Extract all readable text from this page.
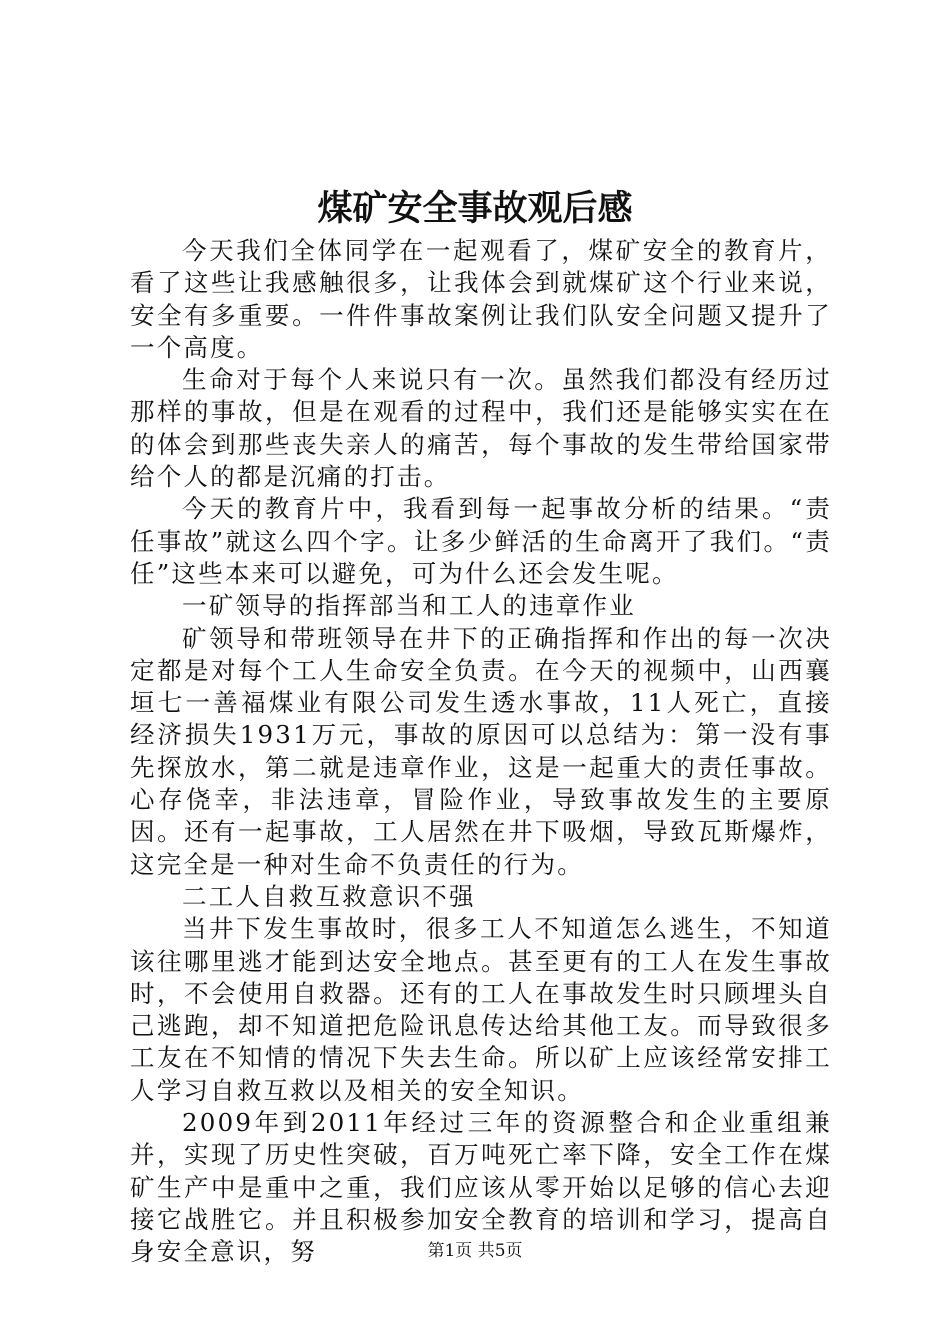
煤矿安全事故观后感

今天我们全体同学在一起观看了，煤矿安全的教育片，看了这些让我感触很多，让我体会到就煤矿这个行业来说，安全有多重要。一件件事故案例让我们队安全问题又提升了一个高度。

生命对于每个人来说只有一次。虽然我们都没有经历过那样的事故，但是在观看的过程中，我们还是能够实实在在的体会到那些丧失亲人的痛苦，每个事故的发生带给国家带给个人的都是沉痛的打击。

今天的教育片中，我看到每一起事故分析的结果。“责任事故”就这么四个字。让多少鲜活的生命离开了我们。“责任”这些本来可以避免，可为什么还会发生呢。

一矿领导的指挥部当和工人的违章作业

矿领导和带班领导在井下的正确指挥和作出的每一次决定都是对每个工人生命安全负责。在今天的视频中，山西襄垣七一善福煤业有限公司发生透水事故，11人死亡，直接经济损失1931万元，事故的原因可以总结为：第一没有事先探放水，第二就是违章作业，这是一起重大的责任事故。心存侥幸，非法违章，冒险作业，导致事故发生的主要原因。还有一起事故，工人居然在井下吸烟，导致瓦斯爆炸，这完全是一种对生命不负责任的行为。

二工人自救互救意识不强

当井下发生事故时，很多工人不知道怎么逃生，不知道该往哪里逃才能到达安全地点。甚至更有的工人在发生事故时，不会使用自救器。还有的工人在事故发生时只顾埋头自己逃跑，却不知道把危险讯息传达给其他工友。而导致很多工友在不知情的情况下失去生命。所以矿上应该经常安排工人学习自救互救以及相关的安全知识。

2009年到2011年经过三年的资源整合和企业重组兼并，实现了历史性突破，百万吨死亡率下降，安全工作在煤矿生产中是重中之重，我们应该从零开始以足够的信心去迎接它战胜它。并且积极参加安全教育的培训和学习，提高自身安全意识，努	第1页 共5页
